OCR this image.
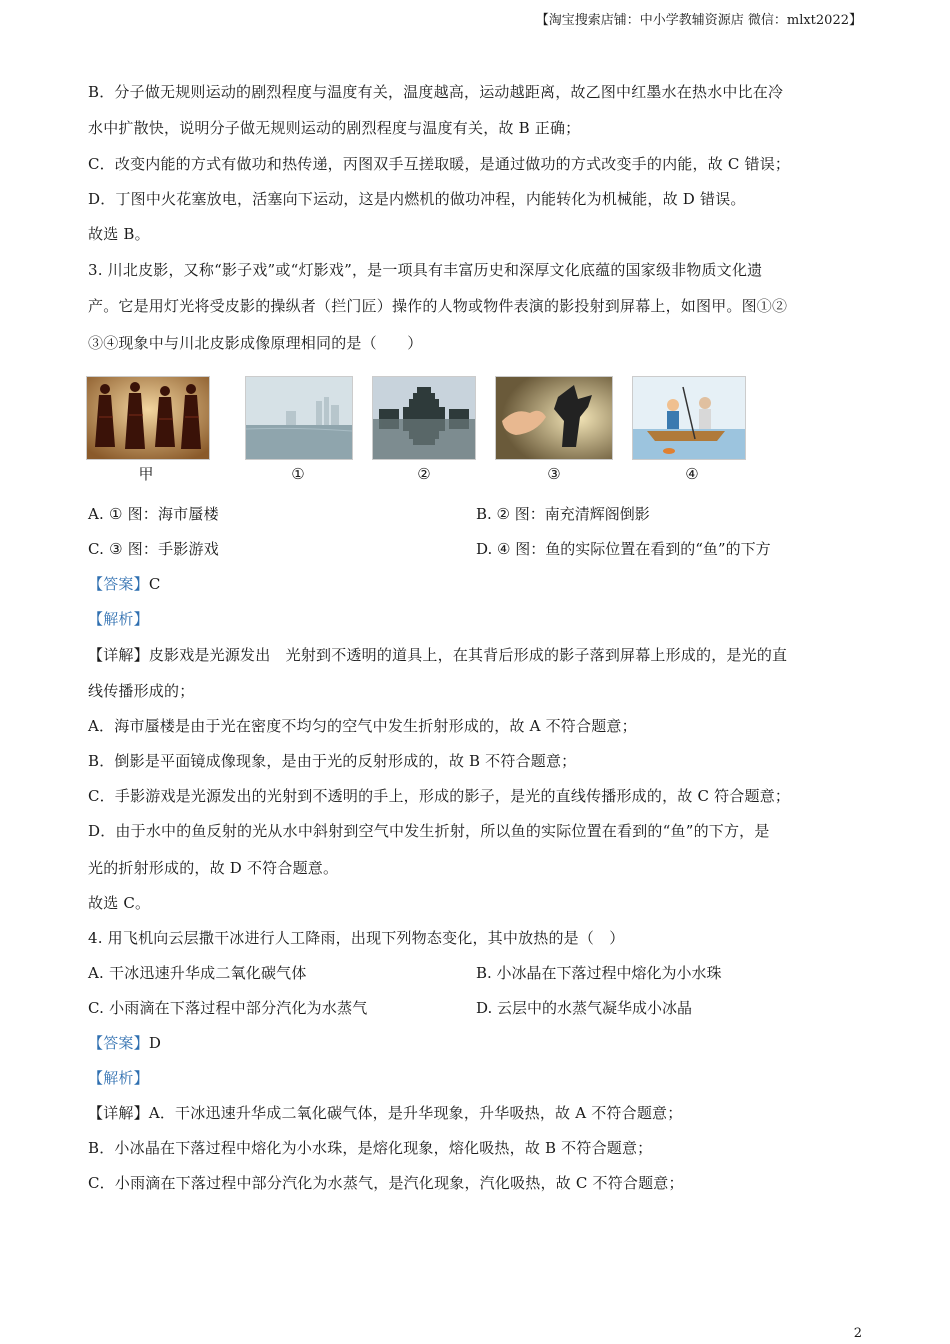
【淘宝搜索店铺：中小学教辅资源店 微信：mlxt2022】
B．分子做无规则运动的剧烈程度与温度有关，温度越高，运动越距离，故乙图中红墨水在热水中比在冷
水中扩散快，说明分子做无规则运动的剧烈程度与温度有关，故 B 正确；
C．改变内能的方式有做功和热传递，丙图双手互搓取暖，是通过做功的方式改变手的内能，故 C 错误；
D．丁图中火花塞放电，活塞向下运动，这是内燃机的做功冲程，内能转化为机械能，故 D 错误。
故选 B。
3. 川北皮影，又称“影子戏”或“灯影戏”，是一项具有丰富历史和深厚文化底蕴的国家级非物质文化遗
产。它是用灯光将受皮影的操纵者（拦门匠）操作的人物或物件表演的影投射到屏幕上，如图甲。图①②
③④现象中与川北皮影成像原理相同的是（　　）
甲	①	②	③	④
A. ① 图：海市蜃楼	B. ② 图：南充清辉阁倒影
C. ③ 图：手影游戏	D. ④ 图：鱼的实际位置在看到的“鱼”的下方
【答案】C
【解析】
【详解】皮影戏是光源发出　光射到不透明的道具上，在其背后形成的影子落到屏幕上形成的，是光的直
线传播形成的；
A．海市蜃楼是由于光在密度不均匀的空气中发生折射形成的，故 A 不符合题意；
B．倒影是平面镜成像现象，是由于光的反射形成的，故 B 不符合题意；
C．手影游戏是光源发出的光射到不透明的手上，形成的影子，是光的直线传播形成的，故 C 符合题意；
D．由于水中的鱼反射的光从水中斜射到空气中发生折射，所以鱼的实际位置在看到的“鱼”的下方，是
光的折射形成的，故 D 不符合题意。
故选 C。
4. 用飞机向云层撒干冰进行人工降雨，出现下列物态变化，其中放热的是（　）
A. 干冰迅速升华成二氧化碳气体	B. 小冰晶在下落过程中熔化为小水珠
C. 小雨滴在下落过程中部分汽化为水蒸气	D. 云层中的水蒸气凝华成小冰晶
【答案】D
【解析】
【详解】A．干冰迅速升华成二氧化碳气体，是升华现象，升华吸热，故 A 不符合题意；
B．小冰晶在下落过程中熔化为小水珠，是熔化现象，熔化吸热，故 B 不符合题意；
C．小雨滴在下落过程中部分汽化为水蒸气，是汽化现象，汽化吸热，故 C 不符合题意；
2
